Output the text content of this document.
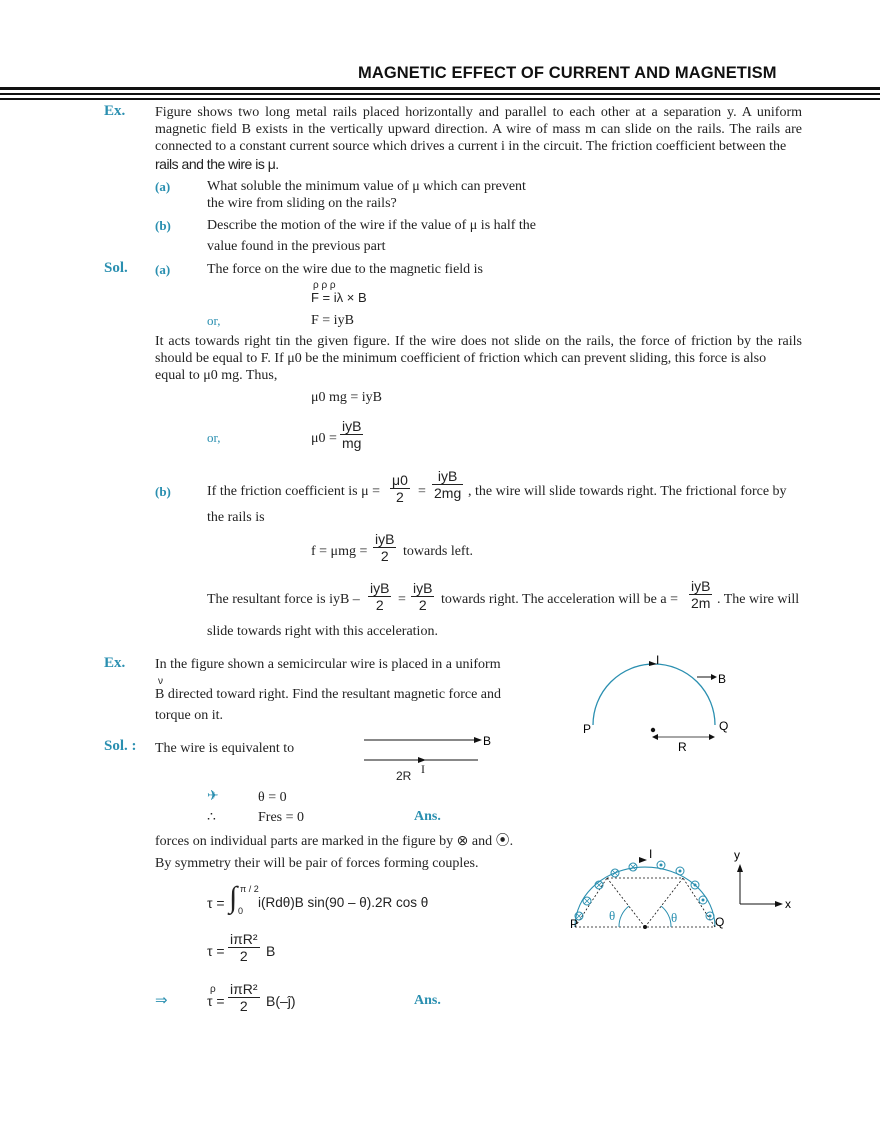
MAGNETIC EFFECT OF CURRENT AND MAGNETISM
Ex. Figure shows two long metal rails placed horizontally and parallel to each other at a separation y. A uniform magnetic field B exists in the vertically upward direction. A wire of mass m can slide on the rails. The rails are connected to a constant current source which drives a current i in the circuit. The friction coefficient between the
rails and the wire is μ.
(a)	What soluble the minimum value of μ which can prevent
the wire from sliding on the rails?
(b)	Describe the motion of the wire if the value of μ is half the
value found in the previous part
Sol. (a)	The force on the wire due to the magnetic field is
ρ ρ ρ
F = iλ × B
or,	F = iyB
It acts towards right tin the given figure. If the wire does not slide on the rails, the force of friction by the rails should be equal to F. If μ0 be the minimum coefficient of friction which can prevent sliding, this force is also
equal to μ0 mg. Thus,
μ0 mg = iyB
or,	μ0 =
iyB
mg
(b)	If the friction coefficient is μ =
μ0
2 =
iyB
2mg , the wire will slide towards right. The frictional force by
the rails is
f = μmg =
iyB
2 towards left.
The resultant force is iyB –
iyB
2 =
iyB
2 towards right. The acceleration will be a =
iyB
2m . The wire will
slide towards right with this acceleration.
Ex. In the figure shown a semicircular wire is placed in a uniform
ν
B directed toward right. Find the resultant magnetic force and
torque on it.
I
B
P	Q
R
Sol. : The wire is equivalent to	B
2R I
✈	θ = 0
∴	Fres = 0	Ans.
forces on individual parts are marked in the figure by ⊗ and ⦿.
By symmetry their will be pair of forces forming couples.
τ = ∫ π / 2
0
i(Rdθ)B sin(90 – θ).2R cos θ
τ =
iπR²
2 B
⇒
ρ
τ =
iπR²
2 B(–ĵ)	Ans.
I	y
x
P	Q
θ	θ
